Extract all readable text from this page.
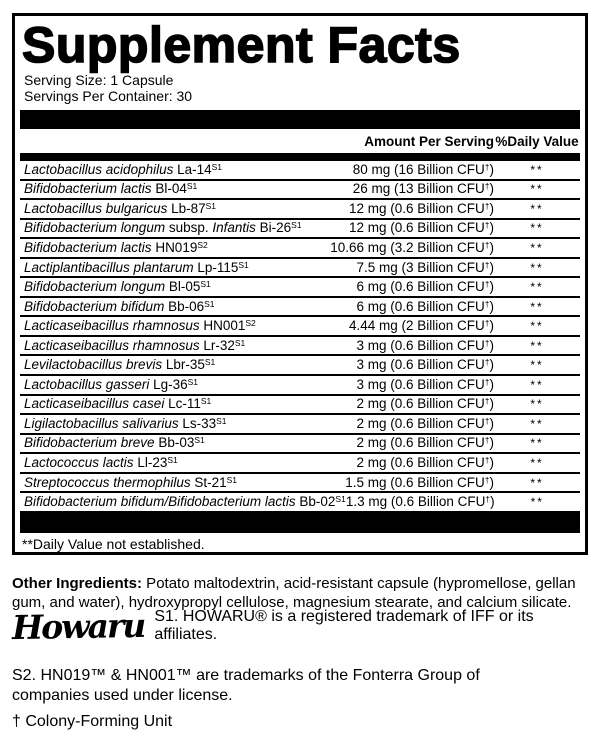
Supplement Facts
Serving Size: 1 Capsule
Servings Per Container: 30
Amount Per Serving %Daily Value
Lactobacillus acidophilus $La-14^{S1}$	80 mg (16 Billion CFU†)	**
Bifidobacterium lactis $Bl-04^{S1}$	26 mg (13 Billion CFU†)	**
Lactobacillus bulgaricus $Lb-87^{S1}$	12 mg (0.6 Billion CFU†)	**
Bifidobacterium longum subsp. Infantis $Bi-26^{S1}$	12 mg (0.6 Billion CFU†)	**
Bifidobacterium lactis $HN019^{S2}$	10.66 mg (3.2 Billion CFU†)	**
Lactiplantibacillus plantarum $Lp-115^{S1}$	7.5 mg (3 Billion CFU†)	**
Bifidobacterium longum $Bl-05^{S1}$	6 mg (0.6 Billion CFU†)	**
Bifidobacterium bifidum $Bb-06^{S1}$	6 mg (0.6 Billion CFU†)	**
Lacticaseibacillus rhamnosus $HN001^{S2}$	4.44 mg (2 Billion CFU†)	**
Lacticaseibacillus rhamnosus $Lr-32^{S1}$	3 mg (0.6 Billion CFU†)	**
Levilactobacillus brevis Lbr-$35^{S1}$	3 mg (0.6 Billion CFU†)	**
Lactobacillus gasseri $Lg-36^{S1}$	3 mg (0.6 Billion CFU†)	**
Lacticaseibacillus casei $Lc-11^{S1}$	2 mg (0.6 Billion CFU†)	**
Ligilactobacillus salivarius $Ls-33^{S1}$	2 mg (0.6 Billion CFU†)	**
Bifidobacterium breve $Bb-03^{S1}$	2 mg (0.6 Billion CFU†)	**
Lactococcus lactis $Ll-23^{S1}$	2 mg (0.6 Billion CFU†)	**
Streptococcus thermophilus $St-21^{S1}$	1.5 mg (0.6 Billion CFU†)	**
Bifidobacterium bifidum/Bifidobacterium lactis $Bb-02^{S1}$ 1.3 mg (0.6 Billion CFU†)	**
**Daily Value not established.

Other Ingredients: Potato maltodextrin, acid-resistant capsule (hypromellose, gellan gum, and water), hydroxypropyl cellulose, magnesium stearate, and calcium silicate.

Howaru S1. HOWARU® is a registered trademark of IFF or its affiliates.

S2. HN019™ & HN001™ are trademarks of the Fonterra Group of companies used under license.

† Colony-Forming Unit
